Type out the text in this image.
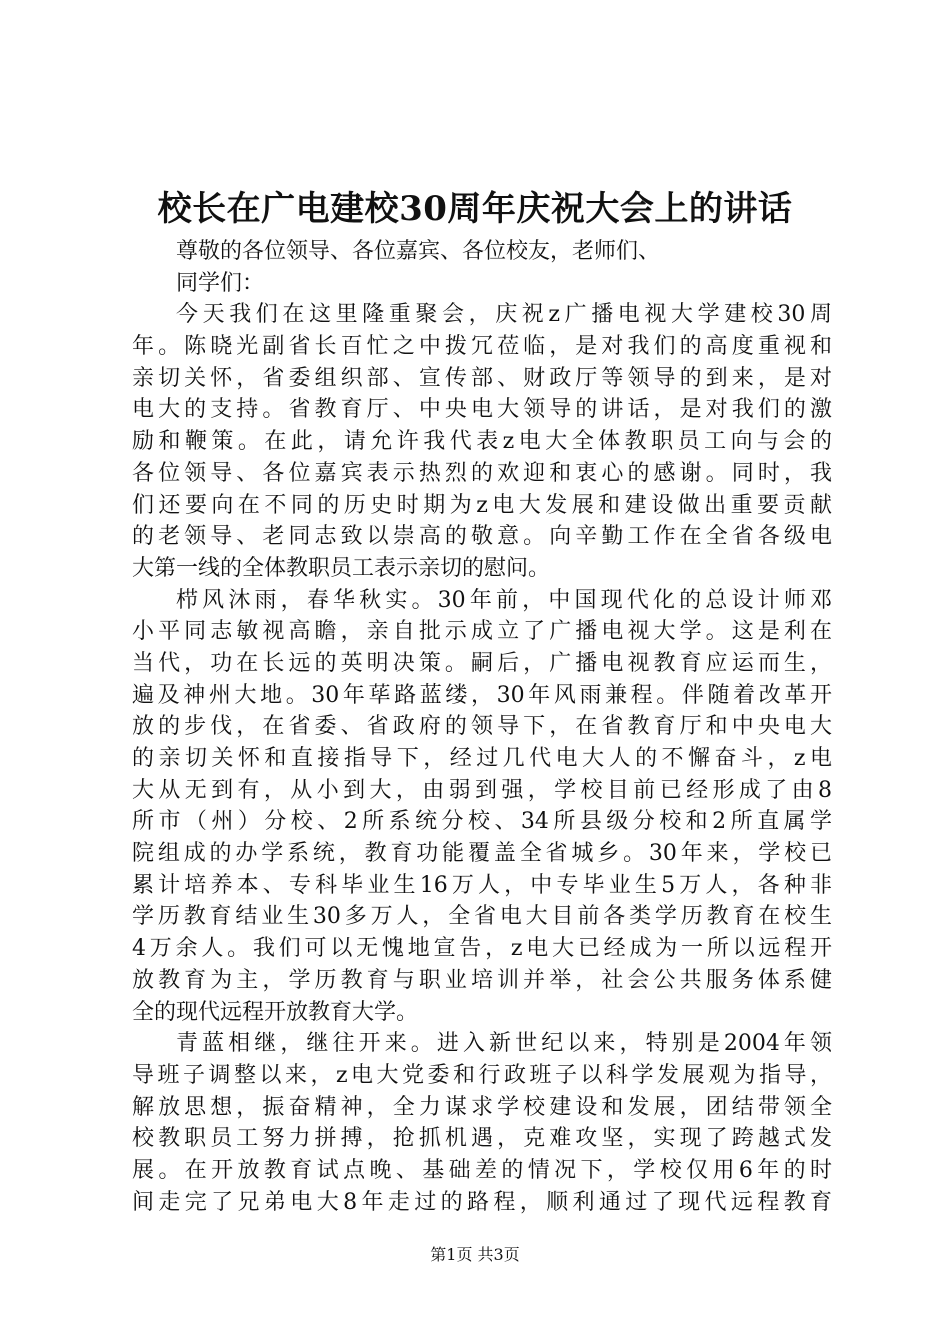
校长在广电建校30周年庆祝大会上的讲话
尊敬的各位领导、各位嘉宾、各位校友，老师们、
同学们：
今天我们在这里隆重聚会，庆祝z广播电视大学建校30周
年。陈晓光副省长百忙之中拨冗莅临，是对我们的高度重视和
亲切关怀，省委组织部、宣传部、财政厅等领导的到来，是对
电大的支持。省教育厅、中央电大领导的讲话，是对我们的激
励和鞭策。在此，请允许我代表z电大全体教职员工向与会的
各位领导、各位嘉宾表示热烈的欢迎和衷心的感谢。同时，我
们还要向在不同的历史时期为z电大发展和建设做出重要贡献
的老领导、老同志致以崇高的敬意。向辛勤工作在全省各级电
大第一线的全体教职员工表示亲切的慰问。
栉风沐雨，春华秋实。30年前，中国现代化的总设计师邓
小平同志敏视高瞻，亲自批示成立了广播电视大学。这是利在
当代，功在长远的英明决策。嗣后，广播电视教育应运而生，
遍及神州大地。30年荜路蓝缕，30年风雨兼程。伴随着改革开
放的步伐，在省委、省政府的领导下，在省教育厅和中央电大
的亲切关怀和直接指导下，经过几代电大人的不懈奋斗，z电
大从无到有，从小到大，由弱到强，学校目前已经形成了由8
所市（州）分校、2所系统分校、34所县级分校和2所直属学
院组成的办学系统，教育功能覆盖全省城乡。30年来，学校已
累计培养本、专科毕业生16万人，中专毕业生5万人，各种非
学历教育结业生30多万人，全省电大目前各类学历教育在校生
4万余人。我们可以无愧地宣告，z电大已经成为一所以远程开
放教育为主，学历教育与职业培训并举，社会公共服务体系健
全的现代远程开放教育大学。
青蓝相继，继往开来。进入新世纪以来，特别是2004年领
导班子调整以来，z电大党委和行政班子以科学发展观为指导，
解放思想，振奋精神，全力谋求学校建设和发展，团结带领全
校教职员工努力拼搏，抢抓机遇，克难攻坚，实现了跨越式发
展。在开放教育试点晚、基础差的情况下，学校仅用6年的时
间走完了兄弟电大8年走过的路程，顺利通过了现代远程教育
第1页 共3页
